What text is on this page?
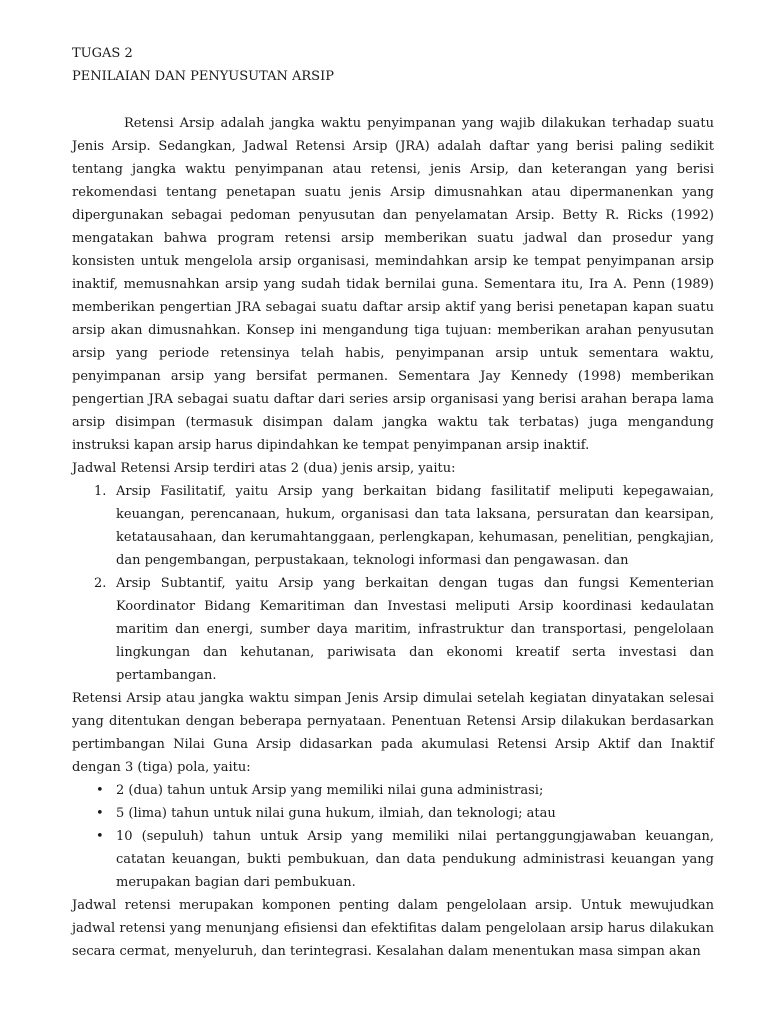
TUGAS 2

PENILAIAN DAN PENYUSUTAN ARSIP

Retensi Arsip adalah jangka waktu penyimpanan yang wajib dilakukan terhadap suatu Jenis Arsip. Sedangkan, Jadwal Retensi Arsip (JRA) adalah daftar yang berisi paling sedikit tentang jangka waktu penyimpanan atau retensi, jenis Arsip, dan keterangan yang berisi rekomendasi tentang penetapan suatu jenis Arsip dimusnahkan atau dipermanenkan yang dipergunakan sebagai pedoman penyusutan dan penyelamatan Arsip. Betty R. Ricks (1992) mengatakan bahwa program retensi arsip memberikan suatu jadwal dan prosedur yang konsisten untuk mengelola arsip organisasi, memindahkan arsip ke tempat penyimpanan arsip inaktif, memusnahkan arsip yang sudah tidak bernilai guna. Sementara itu, Ira A. Penn (1989) memberikan pengertian JRA sebagai suatu daftar arsip aktif yang berisi penetapan kapan suatu arsip akan dimusnahkan. Konsep ini mengandung tiga tujuan: memberikan arahan penyusutan arsip yang periode retensinya telah habis, penyimpanan arsip untuk sementara waktu, penyimpanan arsip yang bersifat permanen. Sementara Jay Kennedy (1998) memberikan pengertian JRA sebagai suatu daftar dari series arsip organisasi yang berisi arahan berapa lama arsip disimpan (termasuk disimpan dalam jangka waktu tak terbatas) juga mengandung instruksi kapan arsip harus dipindahkan ke tempat penyimpanan arsip inaktif.

Jadwal Retensi Arsip terdiri atas 2 (dua) jenis arsip, yaitu:

1. Arsip Fasilitatif, yaitu Arsip yang berkaitan bidang fasilitatif meliputi kepegawaian, keuangan, perencanaan, hukum, organisasi dan tata laksana, persuratan dan kearsipan, ketatausahaan, dan kerumahtanggaan, perlengkapan, kehumasan, penelitian, pengkajian, dan pengembangan, perpustakaan, teknologi informasi dan pengawasan. dan
2. Arsip Subtantif, yaitu Arsip yang berkaitan dengan tugas dan fungsi Kementerian Koordinator Bidang Kemaritiman dan Investasi meliputi Arsip koordinasi kedaulatan maritim dan energi, sumber daya maritim, infrastruktur dan transportasi, pengelolaan lingkungan dan kehutanan, pariwisata dan ekonomi kreatif serta investasi dan pertambangan.

Retensi Arsip atau jangka waktu simpan Jenis Arsip dimulai setelah kegiatan dinyatakan selesai yang ditentukan dengan beberapa pernyataan. Penentuan Retensi Arsip dilakukan berdasarkan pertimbangan Nilai Guna Arsip didasarkan pada akumulasi Retensi Arsip Aktif dan Inaktif dengan 3 (tiga) pola, yaitu:

• 2 (dua) tahun untuk Arsip yang memiliki nilai guna administrasi;
• 5 (lima) tahun untuk nilai guna hukum, ilmiah, dan teknologi; atau
• 10 (sepuluh) tahun untuk Arsip yang memiliki nilai pertanggungjawaban keuangan, catatan keuangan, bukti pembukuan, dan data pendukung administrasi keuangan yang merupakan bagian dari pembukuan.

Jadwal retensi merupakan komponen penting dalam pengelolaan arsip. Untuk mewujudkan jadwal retensi yang menunjang efisiensi dan efektifitas dalam pengelolaan arsip harus dilakukan secara cermat, menyeluruh, dan terintegrasi. Kesalahan dalam menentukan masa simpan akan
